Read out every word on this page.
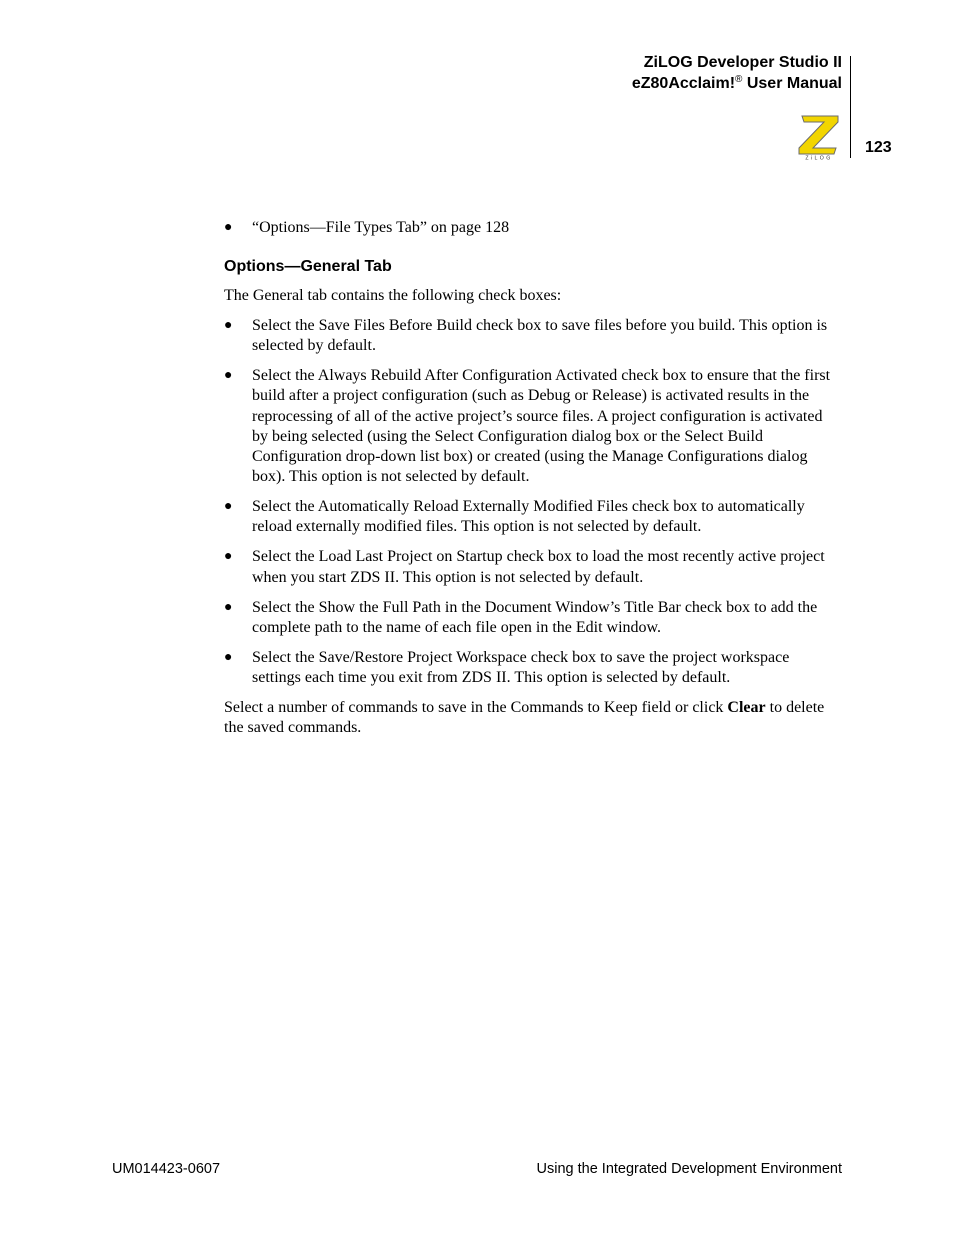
ZiLOG Developer Studio II
eZ80Acclaim!® User Manual
ZiLOG
123
● “Options—File Types Tab” on page 128
Options—General Tab

The General tab contains the following check boxes:

● Select the Save Files Before Build check box to save files before you build. This option is selected by default.
● Select the Always Rebuild After Configuration Activated check box to ensure that the first build after a project configuration (such as Debug or Release) is activated results in the reprocessing of all of the active project’s source files. A project configuration is activated by being selected (using the Select Configuration dialog box or the Select Build Configuration drop-down list box) or created (using the Manage Configurations dialog box). This option is not selected by default.
● Select the Automatically Reload Externally Modified Files check box to automatically reload externally modified files. This option is not selected by default.
● Select the Load Last Project on Startup check box to load the most recently active project when you start ZDS II. This option is not selected by default.
● Select the Show the Full Path in the Document Window’s Title Bar check box to add the complete path to the name of each file open in the Edit window.
● Select the Save/Restore Project Workspace check box to save the project workspace settings each time you exit from ZDS II. This option is selected by default.

Select a number of commands to save in the Commands to Keep field or click Clear to delete the saved commands.

UM014423-0607	Using the Integrated Development Environment
